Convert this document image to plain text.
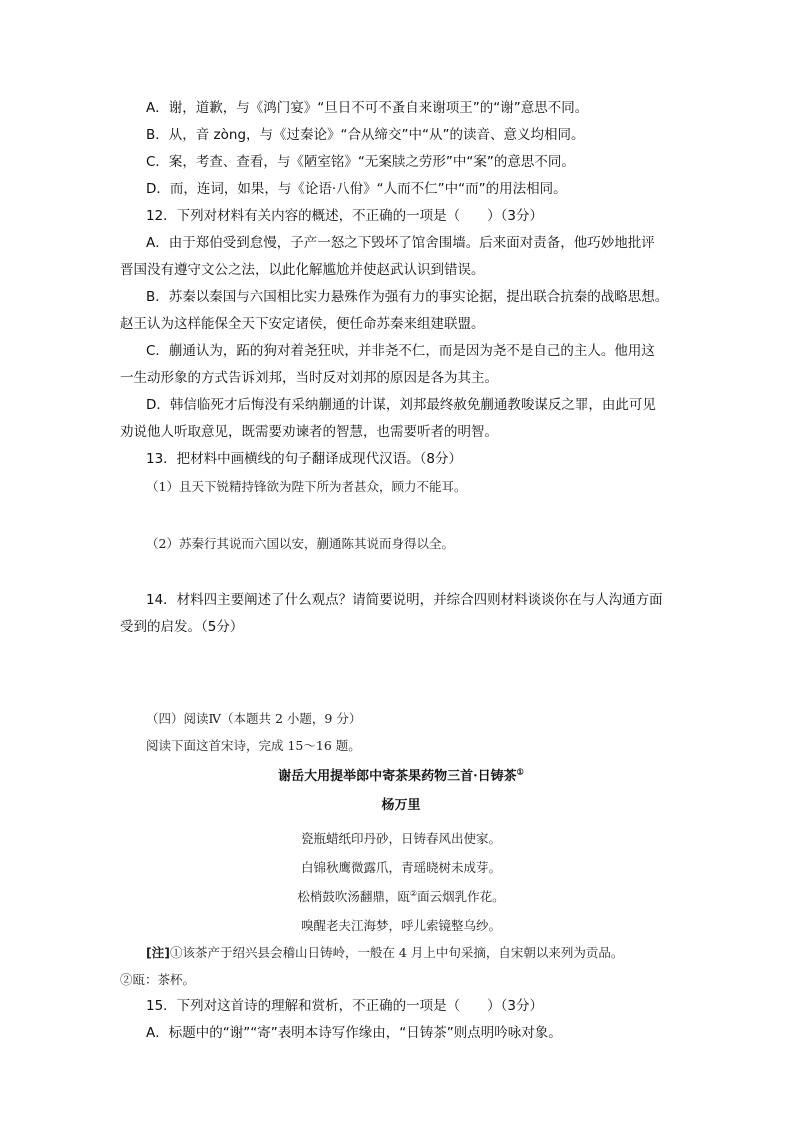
A．谢，道歉，与《鸿门宴》“旦日不可不蚤自来谢项王”的“谢”意思不同。
B．从，音 zòng，与《过秦论》“合从缔交”中“从”的读音、意义均相同。
C．案，考查、查看，与《陋室铭》“无案牍之劳形”中“案”的意思不同。
D．而，连词，如果，与《论语·八佾》“人而不仁”中“而”的用法相同。
12．下列对材料有关内容的概述，不正确的一项是（　　）（3分）
A．由于郑伯受到怠慢，子产一怒之下毁坏了馆舍围墙。后来面对责备，他巧妙地批评
晋国没有遵守文公之法，以此化解尴尬并使赵武认识到错误。
B．苏秦以秦国与六国相比实力悬殊作为强有力的事实论据，提出联合抗秦的战略思想。
赵王认为这样能保全天下安定诸侯，便任命苏秦来组建联盟。
C．蒯通认为，跖的狗对着尧狂吠，并非尧不仁，而是因为尧不是自己的主人。他用这
一生动形象的方式告诉刘邦，当时反对刘邦的原因是各为其主。
D．韩信临死才后悔没有采纳蒯通的计谋，刘邦最终赦免蒯通教唆谋反之罪，由此可见
劝说他人听取意见，既需要劝谏者的智慧，也需要听者的明智。
13．把材料中画横线的句子翻译成现代汉语。（8分）
（1）且天下锐精持锋欲为陛下所为者甚众，顾力不能耳。
（2）苏秦行其说而六国以安，蒯通陈其说而身得以全。
14．材料四主要阐述了什么观点？请简要说明，并综合四则材料谈谈你在与人沟通方面
受到的启发。（5分）
（四）阅读Ⅳ（本题共 2 小题，9 分）
阅读下面这首宋诗，完成 15～16 题。
谢岳大用提举郎中寄茶果药物三首·日铸茶①
杨万里
瓷瓶蜡纸印丹砂，日铸春风出使家。
白锦秋鹰微露爪，青瑶晓树未成芽。
松梢鼓吹汤翻鼎，瓯②面云烟乳作花。
嗅醒老夫江海梦，呼儿索镜整乌纱。
[注]①该茶产于绍兴县会稽山日铸岭，一般在 4 月上中旬采摘，自宋朝以来列为贡品。
②瓯：茶杯。
15．下列对这首诗的理解和赏析，不正确的一项是（　　）（3分）
A．标题中的“谢”“寄”表明本诗写作缘由，“日铸茶”则点明吟咏对象。
